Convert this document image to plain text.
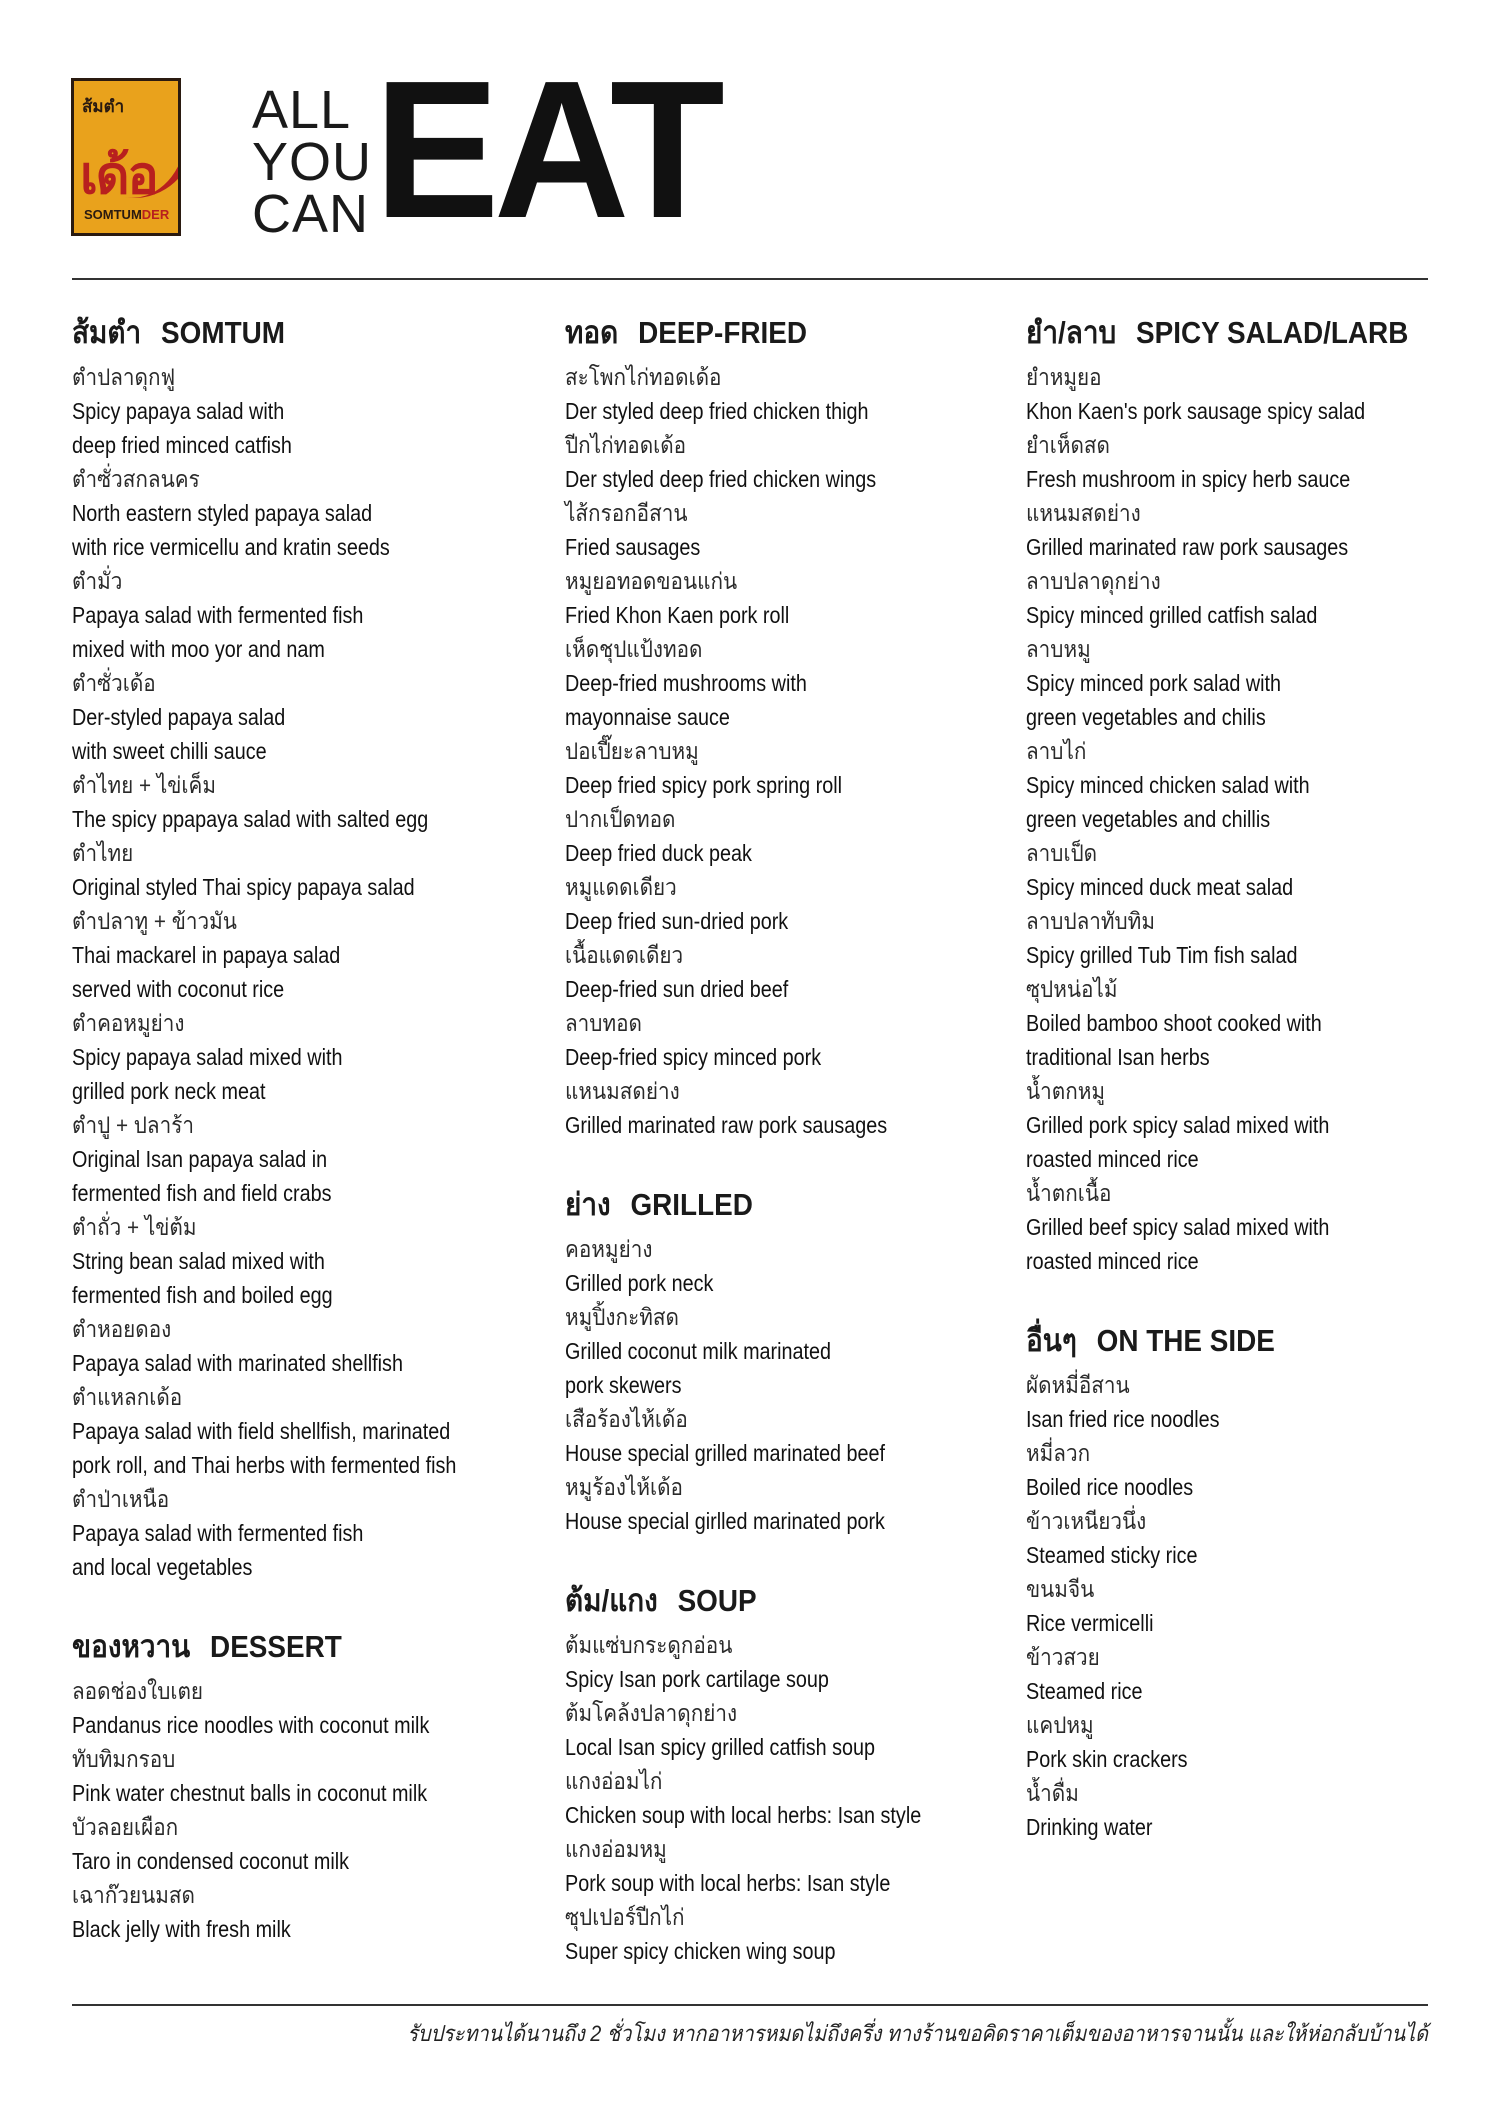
ส้มตำ
เด้อ
SOMTUMDER
ALL
YOU
CAN EAT
ส้มตำ SOMTUM
ตำปลาดุกฟู
Spicy papaya salad with
deep fried minced catfish
ตำซั่วสกลนคร
North eastern styled papaya salad
with rice vermicellu and kratin seeds
ตำมั่ว
Papaya salad with fermented fish
mixed with moo yor and nam
ตำซั่วเด้อ
Der-styled papaya salad
with sweet chilli sauce
ตำไทย + ไข่เค็ม
The spicy ppapaya salad with salted egg
ตำไทย
Original styled Thai spicy papaya salad
ตำปลาทู + ข้าวมัน
Thai mackarel in papaya salad
served with coconut rice
ตำคอหมูย่าง
Spicy papaya salad mixed with
grilled pork neck meat
ตำปู + ปลาร้า
Original Isan papaya salad in
fermented fish and field crabs
ตำถั่ว + ไข่ต้ม
String bean salad mixed with
fermented fish and boiled egg
ตำหอยดอง
Papaya salad with marinated shellfish
ตำแหลกเด้อ
Papaya salad with field shellfish, marinated
pork roll, and Thai herbs with fermented fish
ตำป่าเหนือ
Papaya salad with fermented fish
and local vegetables
ของหวาน DESSERT
ลอดช่องใบเตย
Pandanus rice noodles with coconut milk
ทับทิมกรอบ
Pink water chestnut balls in coconut milk
บัวลอยเผือก
Taro in condensed coconut milk
เฉาก๊วยนมสด
Black jelly with fresh milk
ทอด DEEP-FRIED
สะโพกไก่ทอดเด้อ
Der styled deep fried chicken thigh
ปีกไก่ทอดเด้อ
Der styled deep fried chicken wings
ไส้กรอกอีสาน
Fried sausages
หมูยอทอดขอนแก่น
Fried Khon Kaen pork roll
เห็ดชุปแป้งทอด
Deep-fried mushrooms with
mayonnaise sauce
ปอเปี๊ยะลาบหมู
Deep fried spicy pork spring roll
ปากเป็ดทอด
Deep fried duck peak
หมูแดดเดียว
Deep fried sun-dried pork
เนื้อแดดเดียว
Deep-fried sun dried beef
ลาบทอด
Deep-fried spicy minced pork
แหนมสดย่าง
Grilled marinated raw pork sausages
ย่าง GRILLED
คอหมูย่าง
Grilled pork neck
หมูปิ้งกะทิสด
Grilled coconut milk marinated
pork skewers
เสือร้องไห้เด้อ
House special grilled marinated beef
หมูร้องไห้เด้อ
House special girlled marinated pork
ต้ม/แกง SOUP
ต้มแซ่บกระดูกอ่อน
Spicy Isan pork cartilage soup
ต้มโคล้งปลาดุกย่าง
Local Isan spicy grilled catfish soup
แกงอ่อมไก่
Chicken soup with local herbs: Isan style
แกงอ่อมหมู
Pork soup with local herbs: Isan style
ซุปเปอร์ปีกไก่
Super spicy chicken wing soup
ยำ/ลาบ SPICY SALAD/LARB
ยำหมูยอ
Khon Kaen's pork sausage spicy salad
ยำเห็ดสด
Fresh mushroom in spicy herb sauce
แหนมสดย่าง
Grilled marinated raw pork sausages
ลาบปลาดุกย่าง
Spicy minced grilled catfish salad
ลาบหมู
Spicy minced pork salad with
green vegetables and chilis
ลาบไก่
Spicy minced chicken salad with
green vegetables and chillis
ลาบเป็ด
Spicy minced duck meat salad
ลาบปลาทับทิม
Spicy grilled Tub Tim fish salad
ซุปหน่อไม้
Boiled bamboo shoot cooked with
traditional Isan herbs
น้ำตกหมู
Grilled pork spicy salad mixed with
roasted minced rice
น้ำตกเนื้อ
Grilled beef spicy salad mixed with
roasted minced rice
อื่นๆ ON THE SIDE
ผัดหมี่อีสาน
Isan fried rice noodles
หมี่ลวก
Boiled rice noodles
ข้าวเหนียวนึ่ง
Steamed sticky rice
ขนมจีน
Rice vermicelli
ข้าวสวย
Steamed rice
แคปหมู
Pork skin crackers
น้ำดื่ม
Drinking water
รับประทานได้นานถึง 2 ชั่วโมง หากอาหารหมดไม่ถึงครึ่ง ทางร้านขอคิดราคาเต็มของอาหารจานนั้น และให้ห่อกลับบ้านได้
